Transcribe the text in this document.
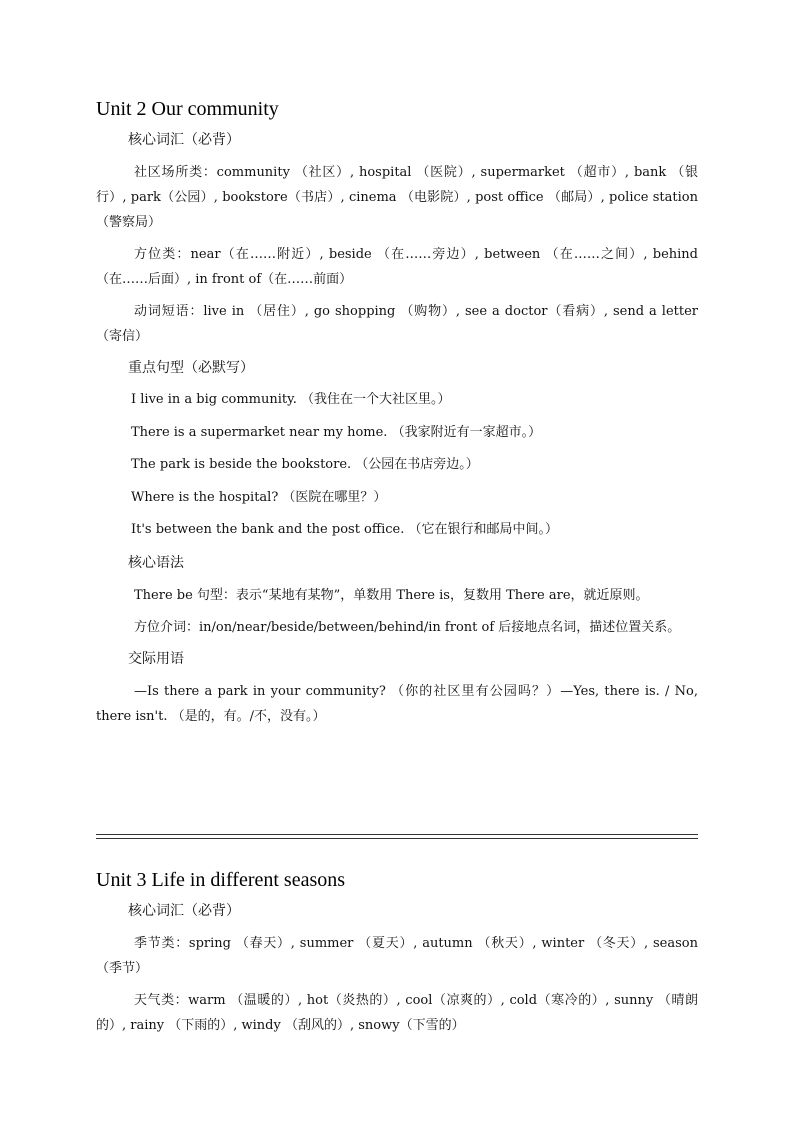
Unit 2 Our community
核心词汇（必背）

社区场所类：community （社区）, hospital （医院）, supermarket （超市）, bank （银行）, park（公园）, bookstore（书店）, cinema （电影院）, post office （邮局）, police station （警察局）

方位类：near（在……附近）, beside （在……旁边）, between （在……之间）, behind （在……后面）, in front of（在……前面）

动词短语：live in （居住）, go shopping （购物）, see a doctor（看病）, send a letter（寄信）

重点句型（必默写）
I live in a big community. （我住在一个大社区里。）
There is a supermarket near my home. （我家附近有一家超市。）
The park is beside the bookstore. （公园在书店旁边。）
Where is the hospital? （医院在哪里？）
It's between the bank and the post office. （它在银行和邮局中间。）
核心语法

There be 句型：表示“某地有某物”，单数用 There is，复数用 There are，就近原则。

方位介词：in/on/near/beside/between/behind/in front of 后接地点名词，描述位置关系。

交际用语

—Is there a park in your community? （你的社区里有公园吗？）—Yes, there is. / No, there isn't. （是的，有。/不，没有。）

Unit 3 Life in different seasons
核心词汇（必背）

季节类：spring （春天）, summer （夏天）, autumn （秋天）, winter （冬天）, season（季节）

天气类：warm （温暖的）, hot（炎热的）, cool（凉爽的）, cold（寒冷的）, sunny （晴朗的）, rainy （下雨的）, windy （刮风的）, snowy（下雪的）
